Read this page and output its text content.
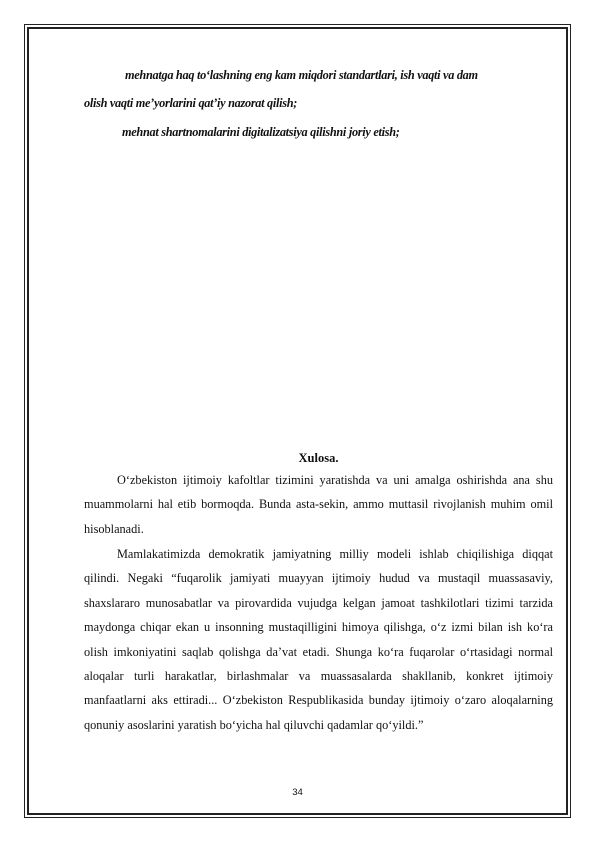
mehnatga haq to‘lashning eng kam miqdori standartlari, ish vaqti va dam
olish vaqti me’yorlarini qat’iy nazorat qilish;
mehnat shartnomalarini digitalizatsiya qilishni joriy etish;
Xulosa.

O‘zbekiston ijtimoiy kafoltlar tizimini yaratishda va uni amalga oshirishda ana shu muammolarni hal etib bormoqda. Bunda asta-sekin, ammo muttasil rivojlanish muhim omil hisoblanadi.

Mamlakatimizda demokratik jamiyatning milliy modeli ishlab chiqilishiga diqqat qilindi. Negaki “fuqarolik jamiyati muayyan ijtimoiy hudud va mustaqil muassasaviy, shaxslararo munosabatlar va pirovardida vujudga kelgan jamoat tashkilotlari tizimi tarzida maydonga chiqar ekan u insonning mustaqilligini himoya qilishga, o‘z izmi bilan ish ko‘ra olish imkoniyatini saqlab qolishga da’vat etadi. Shunga ko‘ra fuqarolar o‘rtasidagi normal aloqalar turli harakatlar, birlashmalar va muassasalarda shakllanib, konkret ijtimoiy manfaatlarni aks ettiradi... O‘zbekiston Respublikasida bunday ijtimoiy o‘zaro aloqalarning qonuniy asoslarini yaratish bo‘yicha hal qiluvchi qadamlar qo‘yildi.”

34
